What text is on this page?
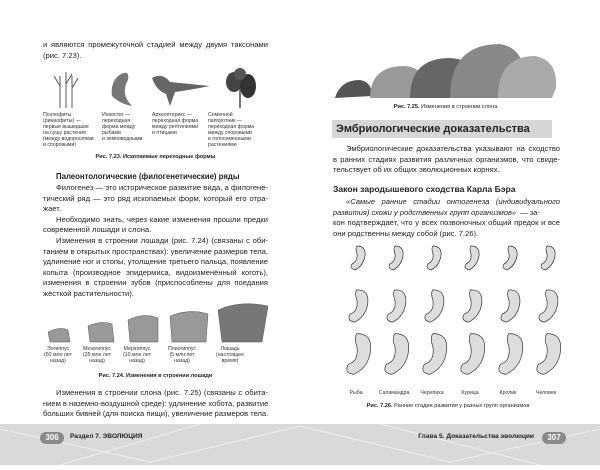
и являются промежуточной стадией между двумя таксонами
(рис. 7.23).
Псилофиты
(риниофиты) —
первые вышедшие
на сушу растения
(между водорослями
и споровыми)
Ихиостег —
переходная
форма между
рыбами
и земноводными
Археоптерикс —
переходная форма
между рептилиями
и птицами
Семенной
папоротник —
переходная форма
между споровыми
и голосеменными
растениями
Рис. 7.23. Ископаемые переходные формы
Палеонтологические (филогенетические) ряды
Филогенез — это историческое развитие вида, а филогене-
тический ряд — это ряд ископаемых форм, который его отра-
жает.
Необходимо знать, через какие изменения прошли предки
современной лошади и слона.
Изменения в строении лошади (рис. 7.24) (связаны с оби-
танием в открытых пространствах): увеличение размеров тела,
удлинение ног и стопы, утолщение третьего пальца, появление
копыта (производное эпидермиса, видоизменённый коготь),
изменения в строении зубов (приспособлены для поедания
жёсткой растительности).
Эогиппус
(50 млн лет
назад)
Мезогиппус
(35 млн лет
назад)
Мерігиппус
(10 млн лет
назад)
Плиогиппус
(5 млн лет
назад)
Лошадь
(настоящее
время)
Рис. 7.24. Изменения в строении лошади
Изменения в строении слона (рис. 7.25) (связаны с обита-
нием в наземно-воздушной среде): удлинение хобота, развитие
больших бивней (для поиска пищи), увеличение размеров тела.
Рис. 7.25. Изменения в строении слона
Эмбриологические доказательства
Эмбриологические доказательства указывают на сходство
в ранних стадиях развития различных организмов, что свиде-
тельствует об их общих эволюционных корнях.
Закон зародышевого сходства Карла Бэра
«Самые ранние стадии онтогенеза (индивидуального
развития) схожи у родственных групп организмов» — за-
кон подтверждает, что у всех позвоночных общий предок и все
они родственны между собой (рис. 7.26).
Рыба	Саламандра	Черепаха	Курица	Кролик	Человек
Рис. 7.26. Ранние стадии развития у разных групп организмов
306	Раздел 7. ЭВОЛЮЦИЯ	Глава 5. Доказательства эволюции	307
